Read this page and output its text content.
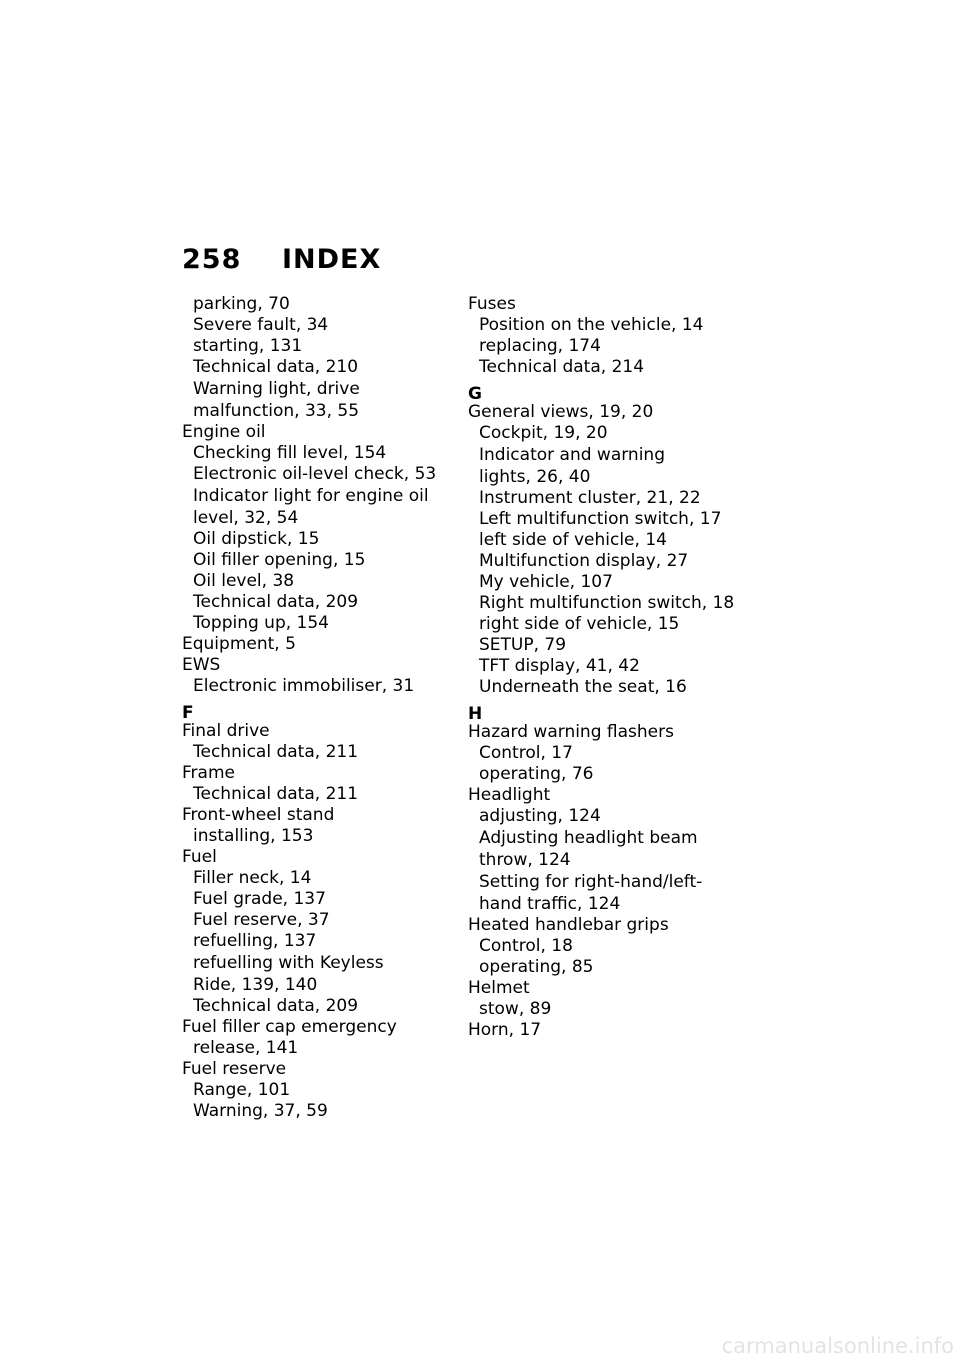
258 INDEX
parking, 70
Severe fault, 34
starting, 131
Technical data, 210
Warning light, drive
malfunction, 33, 55
Engine oil
Checking fill level, 154
Electronic oil-level check, 53
Indicator light for engine oil
level, 32, 54
Oil dipstick, 15
Oil filler opening, 15
Oil level, 38
Technical data, 209
Topping up, 154
Equipment, 5
EWS
Electronic immobiliser, 31
F
Final drive
Technical data, 211
Frame
Technical data, 211
Front-wheel stand
installing, 153
Fuel
Filler neck, 14
Fuel grade, 137
Fuel reserve, 37
refuelling, 137
refuelling with Keyless
Ride, 139, 140
Technical data, 209
Fuel filler cap emergency
release, 141
Fuel reserve
Range, 101
Warning, 37, 59
Fuses
Position on the vehicle, 14
replacing, 174
Technical data, 214
G
General views, 19, 20
Cockpit, 19, 20
Indicator and warning
lights, 26, 40
Instrument cluster, 21, 22
Left multifunction switch, 17
left side of vehicle, 14
Multifunction display, 27
My vehicle, 107
Right multifunction switch, 18
right side of vehicle, 15
SETUP, 79
TFT display, 41, 42
Underneath the seat, 16
H
Hazard warning flashers
Control, 17
operating, 76
Headlight
adjusting, 124
Adjusting headlight beam
throw, 124
Setting for right-hand/left-
hand traffic, 124
Heated handlebar grips
Control, 18
operating, 85
Helmet
stow, 89
Horn, 17
carmanualsonline.info
